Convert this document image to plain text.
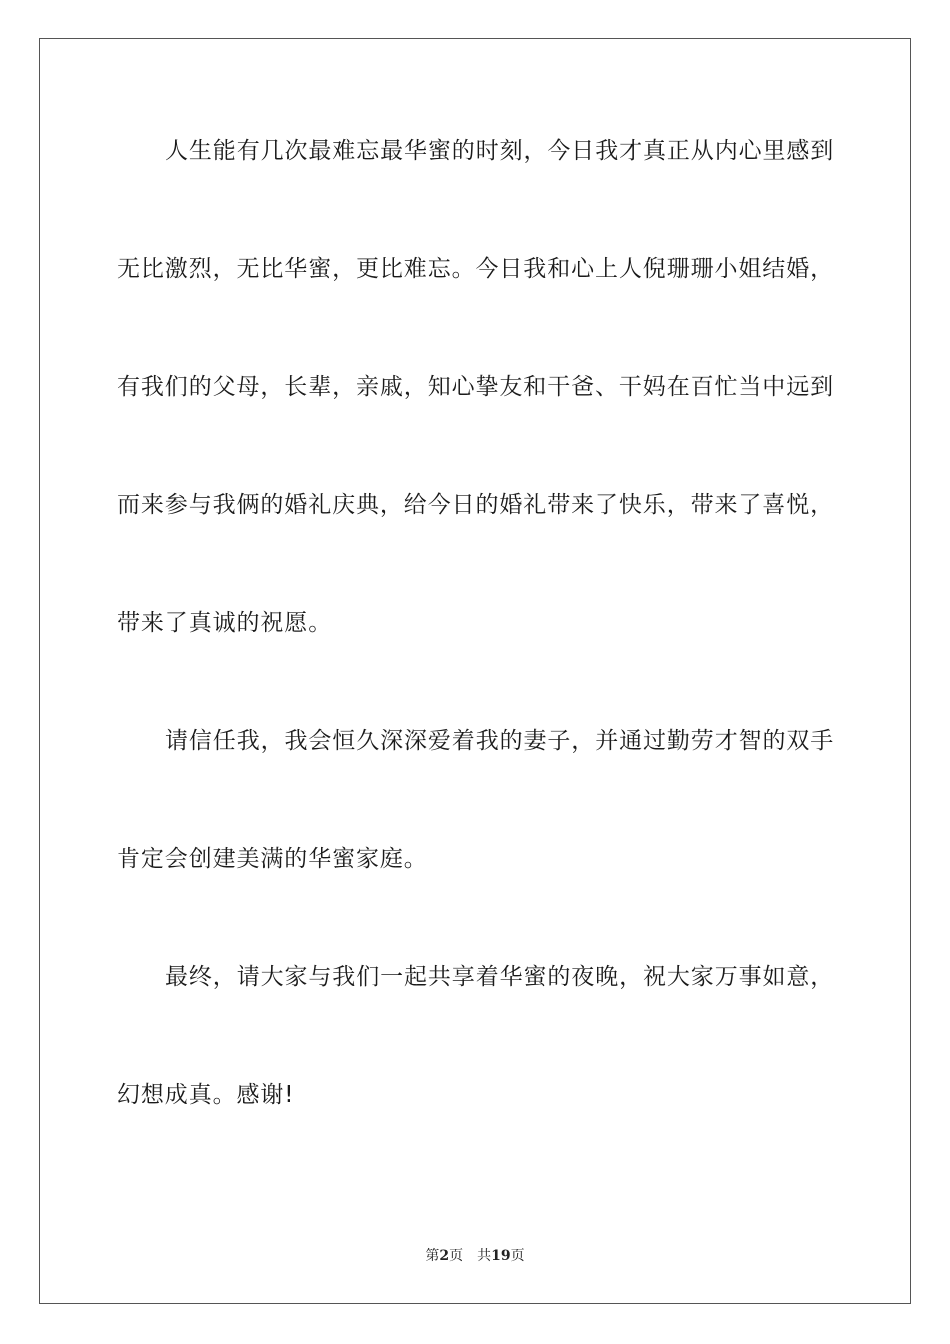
人生能有几次最难忘最华蜜的时刻，今日我才真正从内心里感到
无比激烈，无比华蜜，更比难忘。今日我和心上人倪珊珊小姐结婚，
有我们的父母，长辈，亲戚，知心挚友和干爸、干妈在百忙当中远到
而来参与我俩的婚礼庆典，给今日的婚礼带来了快乐，带来了喜悦，
带来了真诚的祝愿。
请信任我，我会恒久深深爱着我的妻子，并通过勤劳才智的双手
肯定会创建美满的华蜜家庭。
最终，请大家与我们一起共享着华蜜的夜晚，祝大家万事如意，
幻想成真。感谢!
第2页 共19页
